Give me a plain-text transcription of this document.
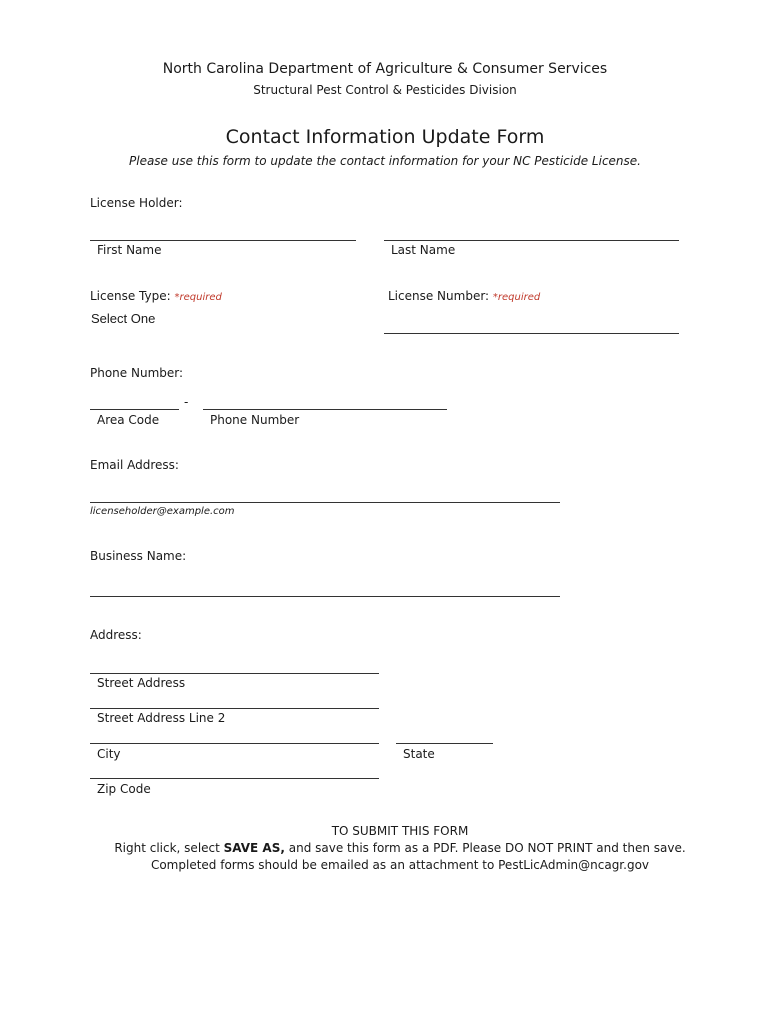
North Carolina Department of Agriculture & Consumer Services
Structural Pest Control & Pesticides Division
Contact Information Update Form
Please use this form to update the contact information for your NC Pesticide License.
License Holder:
First Name	Last Name
License Type: *required
Select One
License Number: *required
Phone Number:
-
Area Code	Phone Number
Email Address:
licenseholder@example.com
Business Name:
Address:
Street Address
Street Address Line 2
City	State
Zip Code
TO SUBMIT THIS FORM
Right click, select SAVE AS, and save this form as a PDF. Please DO NOT PRINT and then save.
Completed forms should be emailed as an attachment to PestLicAdmin@ncagr.gov
